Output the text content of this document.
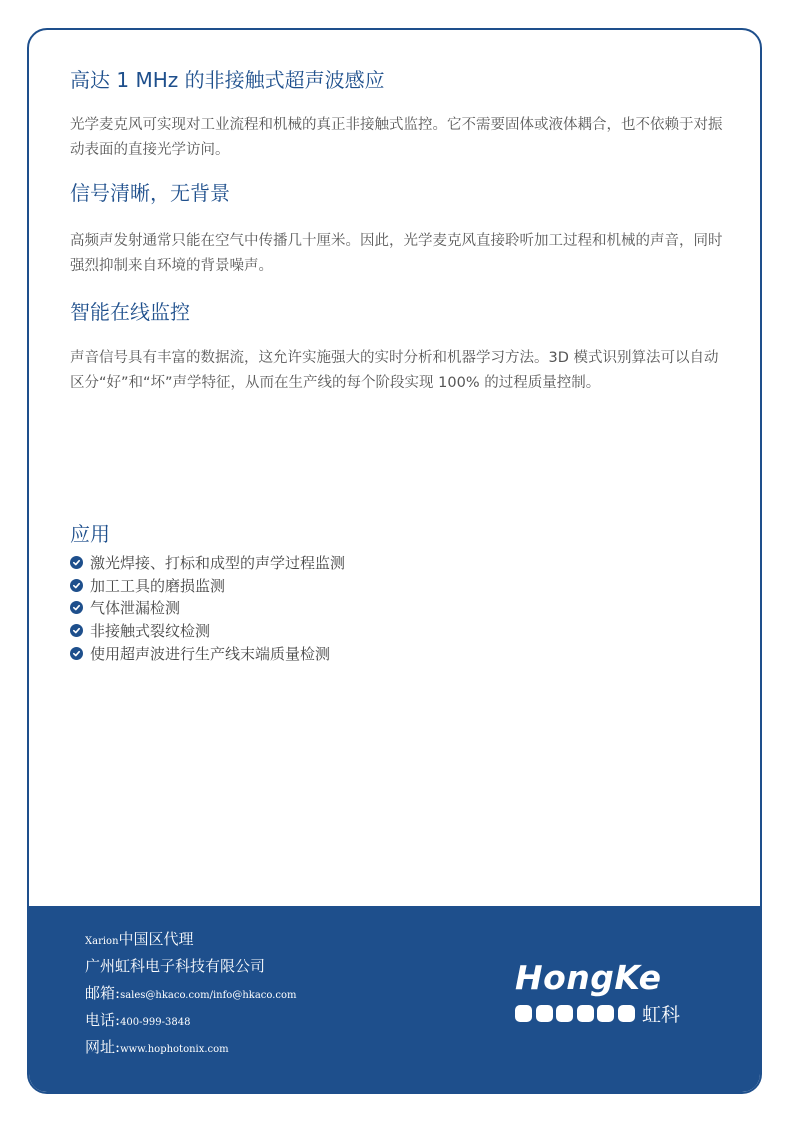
高达 1 MHz 的非接触式超声波感应

光学麦克风可实现对工业流程和机械的真正非接触式监控。它不需要固体或液体耦合，也不依赖于对振动表面的直接光学访问。

信号清晰，无背景

高频声发射通常只能在空气中传播几十厘米。因此，光学麦克风直接聆听加工过程和机械的声音，同时强烈抑制来自环境的背景噪声。

智能在线监控

声音信号具有丰富的数据流，这允许实施强大的实时分析和机器学习方法。3D 模式识别算法可以自动区分“好”和“坏”声学特征，从而在生产线的每个阶段实现 100% 的过程质量控制。

应用
激光焊接、打标和成型的声学过程监测
加工工具的磨损监测
气体泄漏检测
非接触式裂纹检测
使用超声波进行生产线末端质量检测
Xarion 中国区代理
广州虹科电子科技有限公司
邮箱: sales@hkaco.com/info@hkaco.com
电话: 400-999-3848
网址: www.hophotonix.com
HongKe
虹科
